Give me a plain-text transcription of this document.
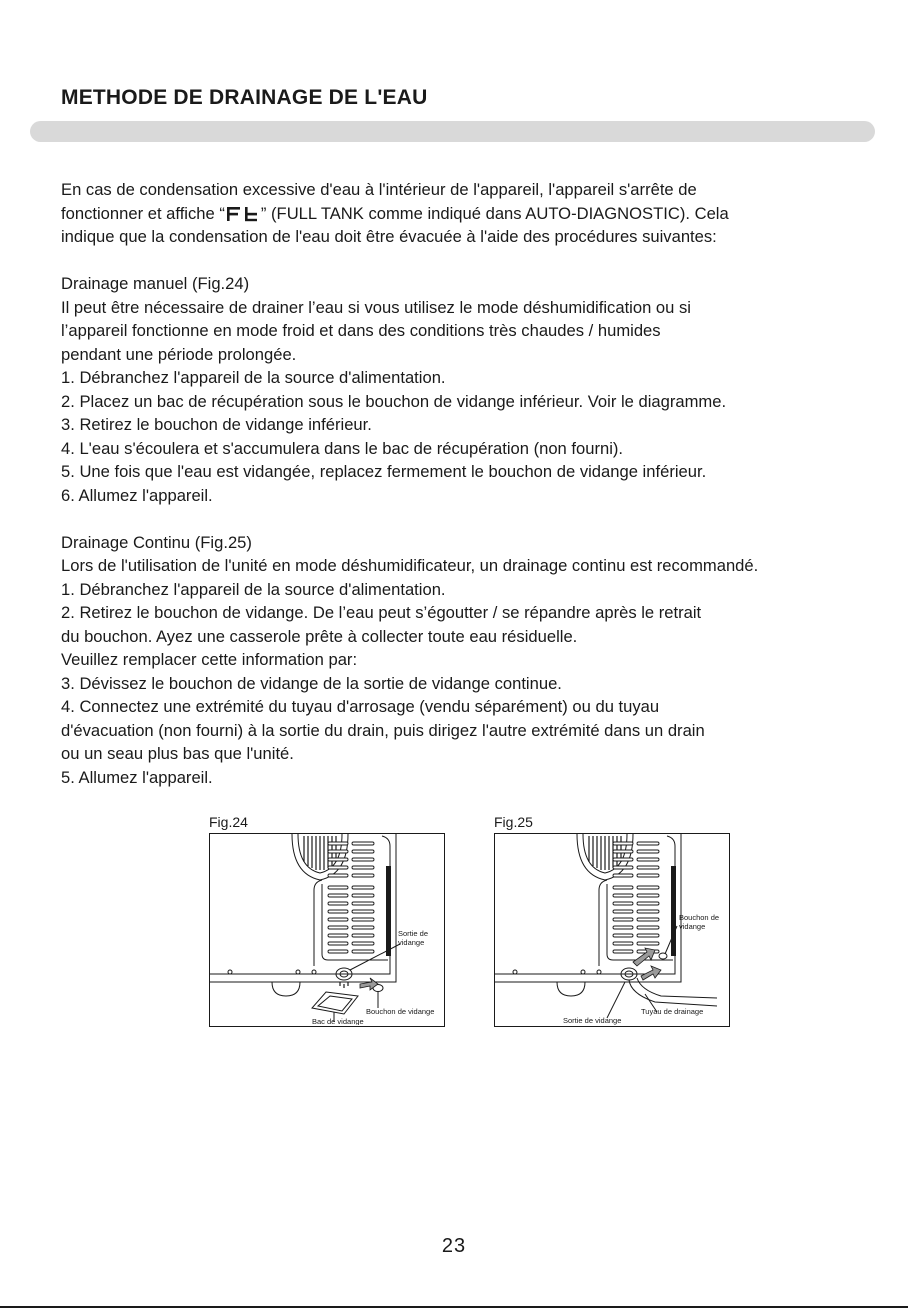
METHODE DE DRAINAGE DE L'EAU

En cas de condensation excessive d'eau à l'intérieur de l'appareil, l'appareil s'arrête de

fonctionner et affiche “ ” (FULL TANK comme indiqué dans AUTO-DIAGNOSTIC). Cela

indique que la condensation de l'eau doit être évacuée à l'aide des procédures suivantes:

Drainage manuel (Fig.24)

Il peut être nécessaire de drainer l’eau si vous utilisez le mode déshumidification ou si

l’appareil fonctionne en mode froid et dans des conditions très chaudes / humides

pendant une période prolongée.

1. Débranchez l'appareil de la source d'alimentation.

2. Placez un bac de récupération sous le bouchon de vidange inférieur. Voir le diagramme.

3. Retirez le bouchon de vidange inférieur.

4. L'eau s'écoulera et s'accumulera dans le bac de récupération (non fourni).

5. Une fois que l'eau est vidangée, replacez fermement le bouchon de vidange inférieur.

6. Allumez l'appareil.

Drainage Continu (Fig.25)

Lors de l'utilisation de l'unité en mode déshumidificateur, un drainage continu est recommandé.

1. Débranchez l'appareil de la source d'alimentation.

2. Retirez le bouchon de vidange. De l’eau peut s’égoutter / se répandre après le retrait

du bouchon. Ayez une casserole prête à collecter toute eau résiduelle.

Veuillez remplacer cette information par:

3. Dévissez le bouchon de vidange de la sortie de vidange continue.

4. Connectez une extrémité du tuyau d'arrosage (vendu séparément) ou du tuyau

d'évacuation (non fourni) à la sortie du drain, puis dirigez l'autre extrémité dans un drain

ou un seau plus bas que l'unité.

5. Allumez l'appareil.

Fig.24
Sortie de
vidange
Bouchon de vidange
Bac de vidange
Fig.25
Bouchon de
vidange
Tuyau de drainage
Sortie de vidange
23
